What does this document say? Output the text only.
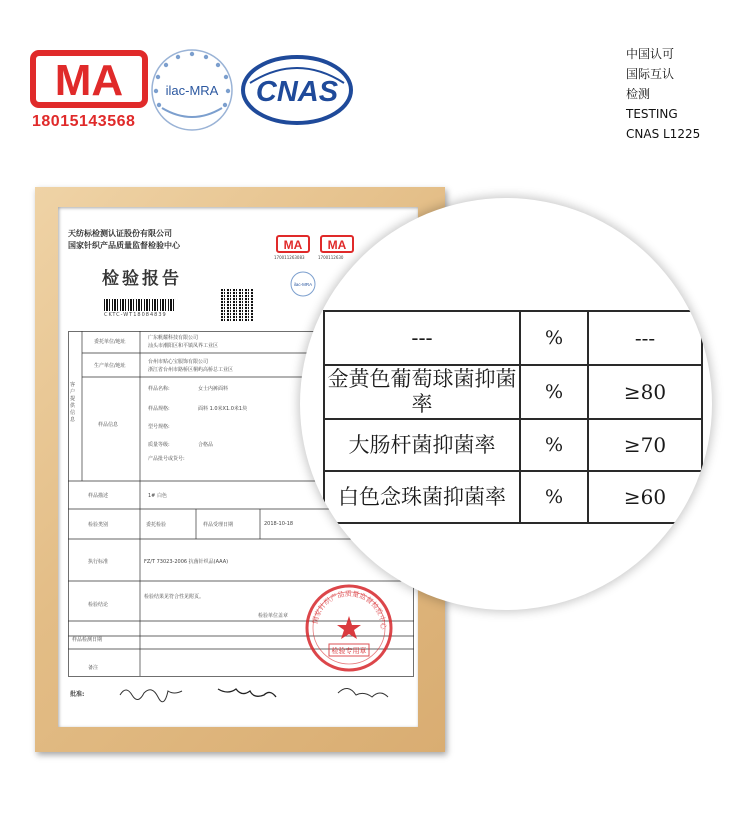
MA
18015143568
ilac-MRA CNAS
中国认可
国际互认
检测
TESTING
CNAS L1225
天纺标检测认证股份有限公司
国家针织产品质量监督检验中心	MA
170011263083
MA
1700112630
ilac-MRA
检验报告
CKTC-WT18084839
客户提供信息
委托单位/地址
广东帆耀科技有限公司
汕头市潮阳区和平镇凤界工业区
生产单位/地址
台州市贴心宝服饰有限公司
浙江省台州市路桥区桐屿高桥总工业区
样品信息
样品名称:	女士内裤面料
样品规格:	面料 1.0米X1.0米1块
型号规格:
质量等级:	合格品
产品批号或货号:
样品描述	1# 白色
检验类别	委托检验	样品受理日期	2018-10-18
执行标准	FZ/T 73023-2006 抗菌针织品(AAA)
检验结论
检验结果见符合性见附页。
检验单位盖章
样品检测日期
备注
批准:
国家针织产品质量监督检验中心
检验专用章
---	%	---
金黄色葡萄球菌抑菌率	%	≥80
大肠杆菌抑菌率	%	≥70
白色念珠菌抑菌率	%	≥60
